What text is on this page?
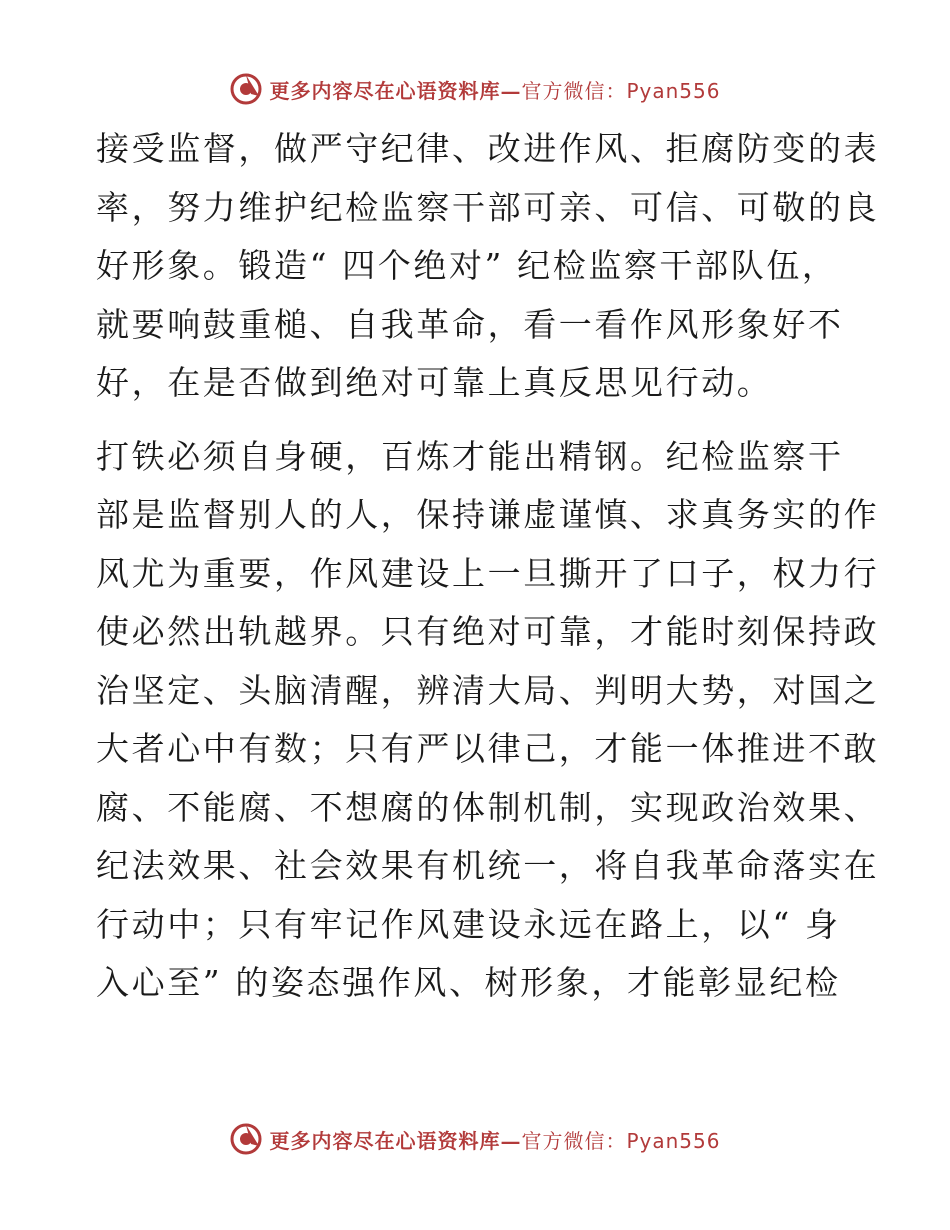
更多内容尽在心语资料库—官方微信：Pyan556

接受监督，做严守纪律、改进作风、拒腐防变的表
率，努力维护纪检监察干部可亲、可信、可敬的良
好形象。锻造“ 四个绝对” 纪检监察干部队伍，
就要响鼓重槌、自我革命，看一看作风形象好不
好，在是否做到绝对可靠上真反思见行动。

打铁必须自身硬，百炼才能出精钢。纪检监察干
部是监督别人的人，保持谦虚谨慎、求真务实的作
风尤为重要，作风建设上一旦撕开了口子，权力行
使必然出轨越界。只有绝对可靠，才能时刻保持政
治坚定、头脑清醒，辨清大局、判明大势，对国之
大者心中有数；只有严以律己，才能一体推进不敢
腐、不能腐、不想腐的体制机制，实现政治效果、
纪法效果、社会效果有机统一，将自我革命落实在
行动中；只有牢记作风建设永远在路上，以“ 身
入心至” 的姿态强作风、树形象，才能彰显纪检

更多内容尽在心语资料库—官方微信：Pyan556
